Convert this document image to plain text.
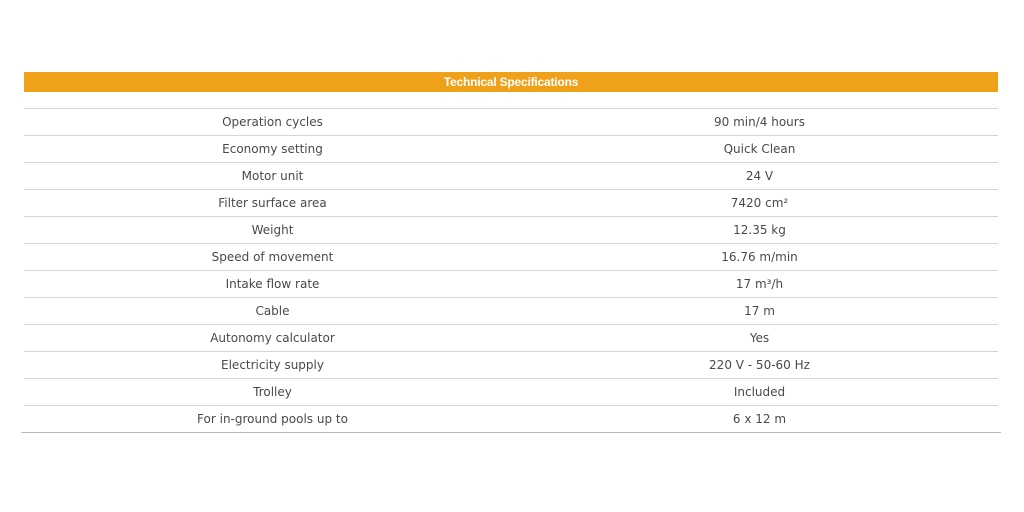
Technical Specifications
Operation cycles	90 min/4 hours
Economy setting	Quick Clean
Motor unit	24 V
Filter surface area	7420 cm²
Weight	12.35 kg
Speed of movement	16.76 m/min
Intake flow rate	17 m³/h
Cable	17 m
Autonomy calculator	Yes
Electricity supply	220 V - 50-60 Hz
Trolley	Included
For in-ground pools up to	6 x 12 m
